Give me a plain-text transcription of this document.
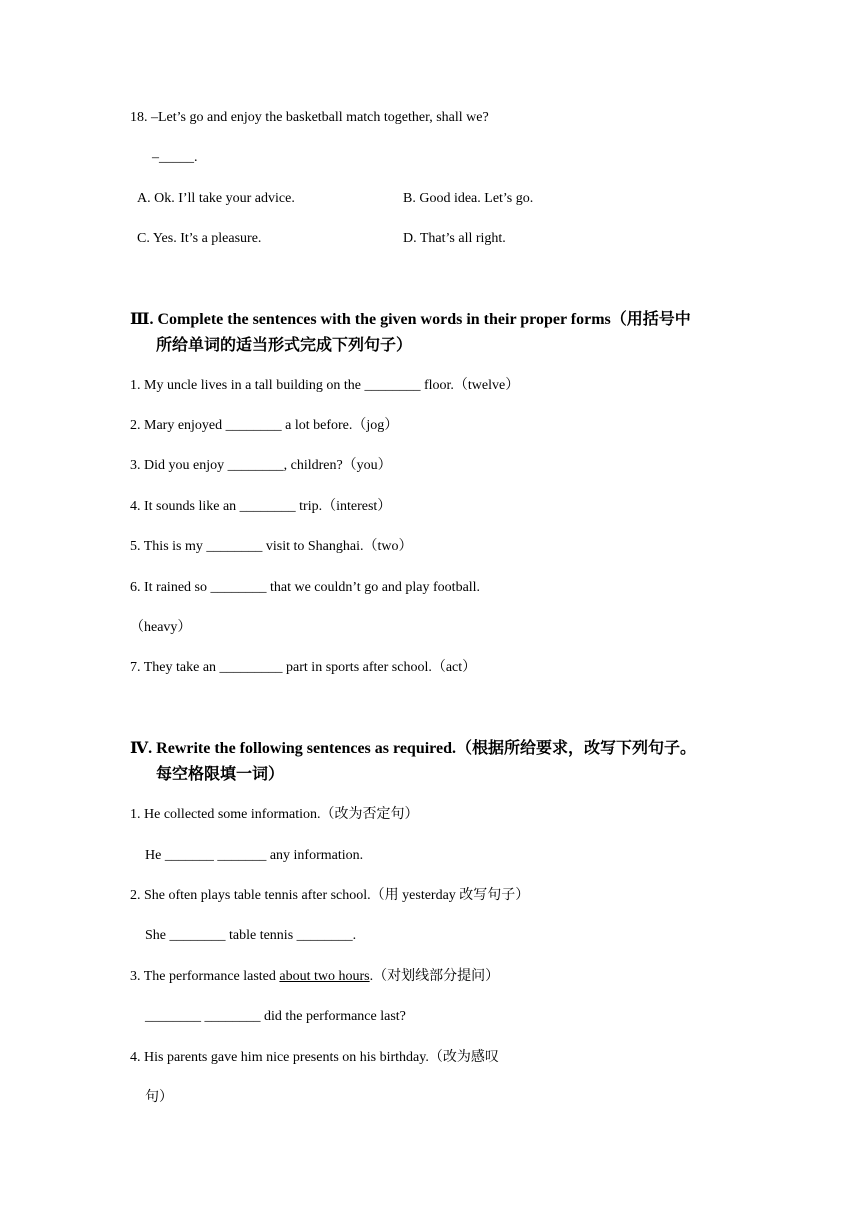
18. –Let’s go and enjoy the basketball match together, shall we?
–_____.
A. Ok. I’ll take your advice.	B. Good idea. Let’s go.
C. Yes. It’s a pleasure.	D. That’s all right.
Ⅲ. Complete the sentences with the given words in their proper forms（用括号中
所给单词的适当形式完成下列句子）
1. My uncle lives in a tall building on the ________ floor.（twelve）
2. Mary enjoyed ________ a lot before.（jog）
3. Did you enjoy ________, children?（you）
4. It sounds like an ________ trip.（interest）
5. This is my ________ visit to Shanghai.（two）
6. It rained so ________ that we couldn’t go and play football.
（heavy）
7. They take an _________ part in sports after school.（act）
Ⅳ. Rewrite the following sentences as required.（根据所给要求，改写下列句子。
每空格限填一词）
1. He collected some information.（改为否定句）
He _______ _______ any information.
2. She often plays table tennis after school.（用 yesterday 改写句子）
She ________ table tennis ________.
3. The performance lasted about two hours.（对划线部分提问）
________ ________ did the performance last?
4. His parents gave him nice presents on his birthday.（改为感叹
句）
